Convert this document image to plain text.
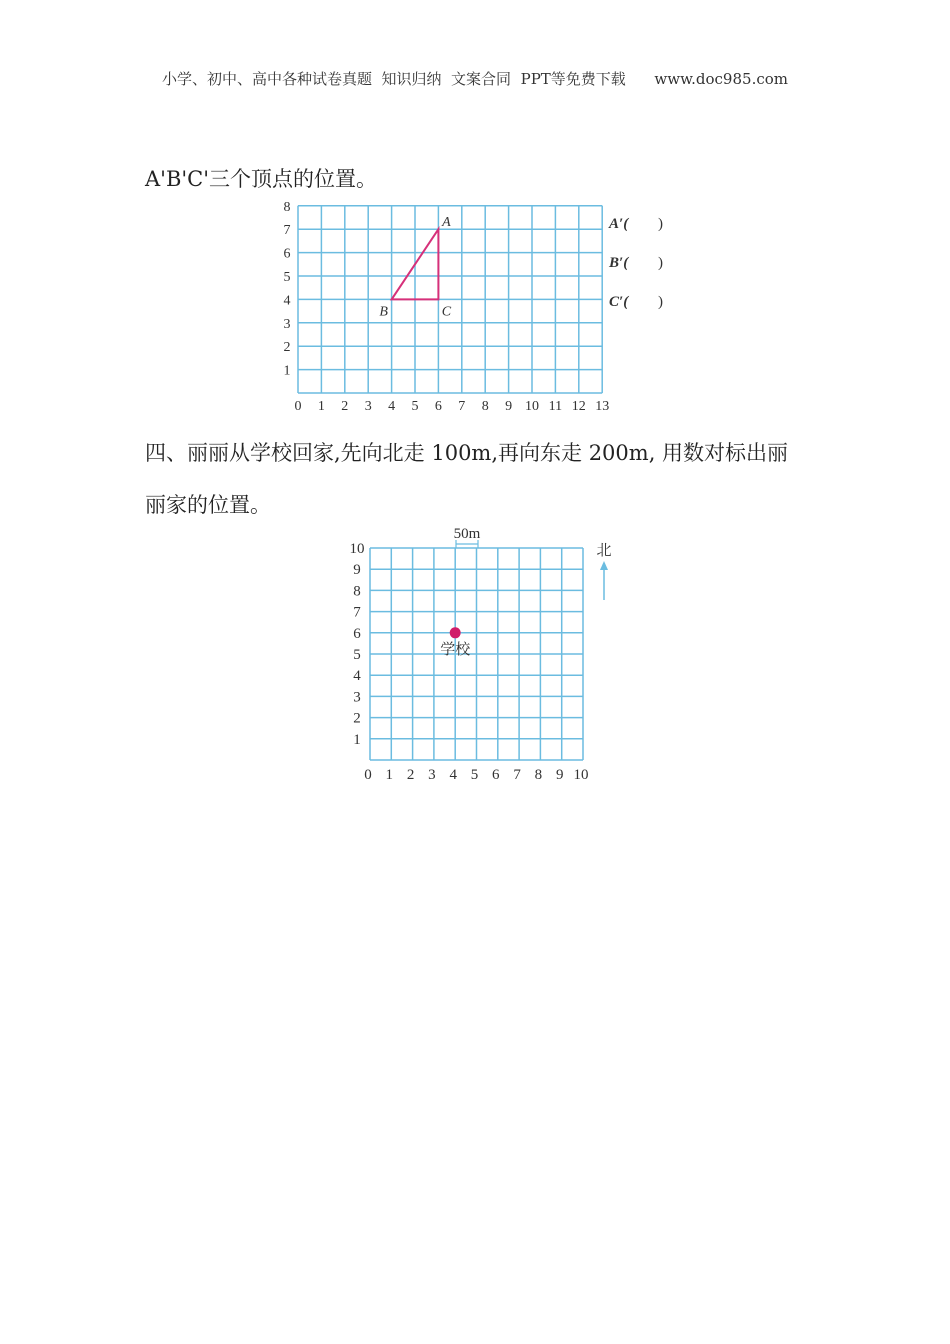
小学、初中、高中各种试卷真题  知识归纳  文案合同  PPT等免费下载      www.doc985.com
A'B'C'三个顶点的位置。
0 1 2 3 4 5 6 7 8 9 10 11 12 13
1
2
3
4
5
6
7
8
A
B	C
A′( )
B′( )
C′( )
四、丽丽从学校回家,先向北走 100m,再向东走 200m, 用数对标出丽
丽家的位置。
0 1 2 3 4 5 6 7 8 9 10
1
2
3
4
5
6
7
8
9
10
50m
北
学校
